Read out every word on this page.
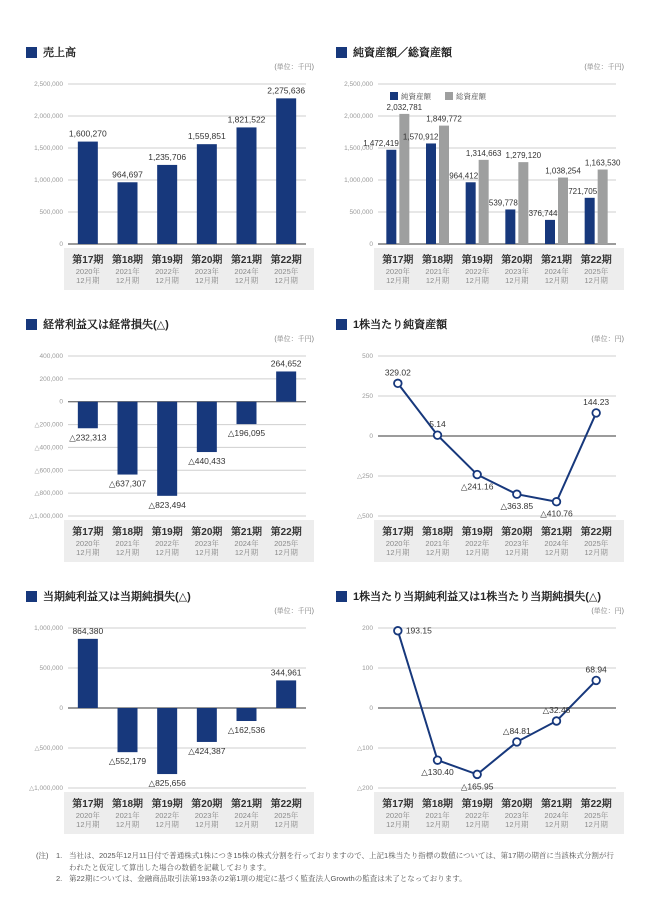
売上高
(単位：千円)
2,500,000
2,000,000
1,500,000
1,000,000
500,000
0
第17期
2020年
12月期
第18期
2021年
12月期
第19期
2022年
12月期
第20期
2023年
12月期
第21期
2024年
12月期
第22期
2025年
12月期
1,600,270
964,697
1,235,706
1,559,851
1,821,522
2,275,636
純資産額／総資産額
(単位：千円)
2,500,000
2,000,000
1,500,000
1,000,000
500,000
0
第17期
2020年
12月期
第18期
2021年
12月期
第19期
2022年
12月期
第20期
2023年
12月期
第21期
2024年
12月期
第22期
2025年
12月期
純資産額	総資産額
1,472,419
2,032,781
1,570,912
1,849,772
964,412
1,314,663
539,778
1,279,120
376,744
1,038,254
721,705
1,163,530
経常利益又は経常損失(△)
(単位：千円)
400,000
200,000
0
△200,000
△400,000
△600,000
△800,000
△1,000,000
第17期
2020年
12月期
第18期
2021年
12月期
第19期
2022年
12月期
第20期
2023年
12月期
第21期
2024年
12月期
第22期
2025年
12月期
△232,313
△637,307
△823,494
△440,433
△196,095
264,652
1株当たり純資産額
(単位：円)
500
250
0
△250
△500
第17期
2020年
12月期
第18期
2021年
12月期
第19期
2022年
12月期
第20期
2023年
12月期
第21期
2024年
12月期
第22期
2025年
12月期
329.02
5.14
△241.16
△363.85
△410.76
144.23
当期純利益又は当期純損失(△)
(単位：千円)
1,000,000
500,000
0
△500,000
△1,000,000
第17期
2020年
12月期
第18期
2021年
12月期
第19期
2022年
12月期
第20期
2023年
12月期
第21期
2024年
12月期
第22期
2025年
12月期
864,380
△552,179
△825,656
△424,387
△162,536
344,961
1株当たり当期純利益又は1株当たり当期純損失(△)
(単位：円)
200
100
0
△100
△200
第17期
2020年
12月期
第18期
2021年
12月期
第19期
2022年
12月期
第20期
2023年
12月期
第21期
2024年
12月期
第22期
2025年
12月期
193.15
△130.40
△165.95
△84.81
△32.48
68.94
(注)	1. 当社は、2025年12月11日付で普通株式1株につき15株の株式分割を行っておりますので、上記1株当たり指標の数値については、第17期の期首に当該株式分割が行われたと仮定して算出した場合の数値を記載しております。
2. 第22期については、金融商品取引法第193条の2第1項の規定に基づく監査法人Growthの監査は未了となっております。
